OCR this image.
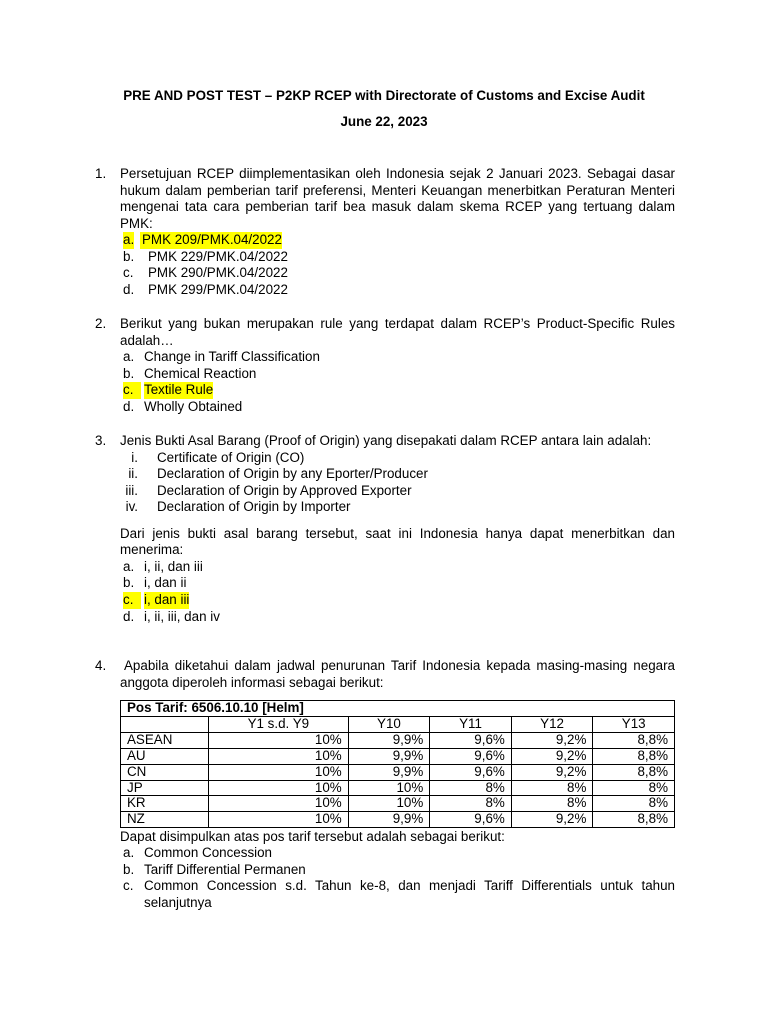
PRE AND POST TEST – P2KP RCEP with Directorate of Customs and Excise Audit
June 22, 2023
1. Persetujuan RCEP diimplementasikan oleh Indonesia sejak 2 Januari 2023. Sebagai dasar hukum dalam pemberian tarif preferensi, Menteri Keuangan menerbitkan Peraturan Menteri mengenai tata cara pemberian tarif bea masuk dalam skema RCEP yang tertuang dalam PMK:
a. PMK 209/PMK.04/2022
b. PMK 229/PMK.04/2022
c. PMK 290/PMK.04/2022
d. PMK 299/PMK.04/2022
2. Berikut yang bukan merupakan rule yang terdapat dalam RCEP’s Product-Specific Rules adalah…
a. Change in Tariff Classification
b. Chemical Reaction
c. Textile Rule
d. Wholly Obtained
3. Jenis Bukti Asal Barang (Proof of Origin) yang disepakati dalam RCEP antara lain adalah:
i. Certificate of Origin (CO)
ii. Declaration of Origin by any Eporter/Producer
iii. Declaration of Origin by Approved Exporter
iv. Declaration of Origin by Importer
Dari jenis bukti asal barang tersebut, saat ini Indonesia hanya dapat menerbitkan dan menerima:
a. i, ii, dan iii
b. i, dan ii
c. i, dan iii
d. i, ii, iii, dan iv
4. Apabila diketahui dalam jadwal penurunan Tarif Indonesia kepada masing-masing negara anggota diperoleh informasi sebagai berikut:
Pos Tarif: 6506.10.10 [Helm]					
	Y1 s.d. Y9	Y10	Y11	Y12	Y13
ASEAN	10%	9,9%	9,6%	9,2%	8,8%
AU	10%	9,9%	9,6%	9,2%	8,8%
CN	10%	9,9%	9,6%	9,2%	8,8%
JP	10%	10%	8%	8%	8%
KR	10%	10%	8%	8%	8%
NZ	10%	9,9%	9,6%	9,2%	8,8%
Dapat disimpulkan atas pos tarif tersebut adalah sebagai berikut:
a. Common Concession
b. Tariff Differential Permanen
c. Common Concession s.d. Tahun ke-8, dan menjadi Tariff Differentials untuk tahun selanjutnya
